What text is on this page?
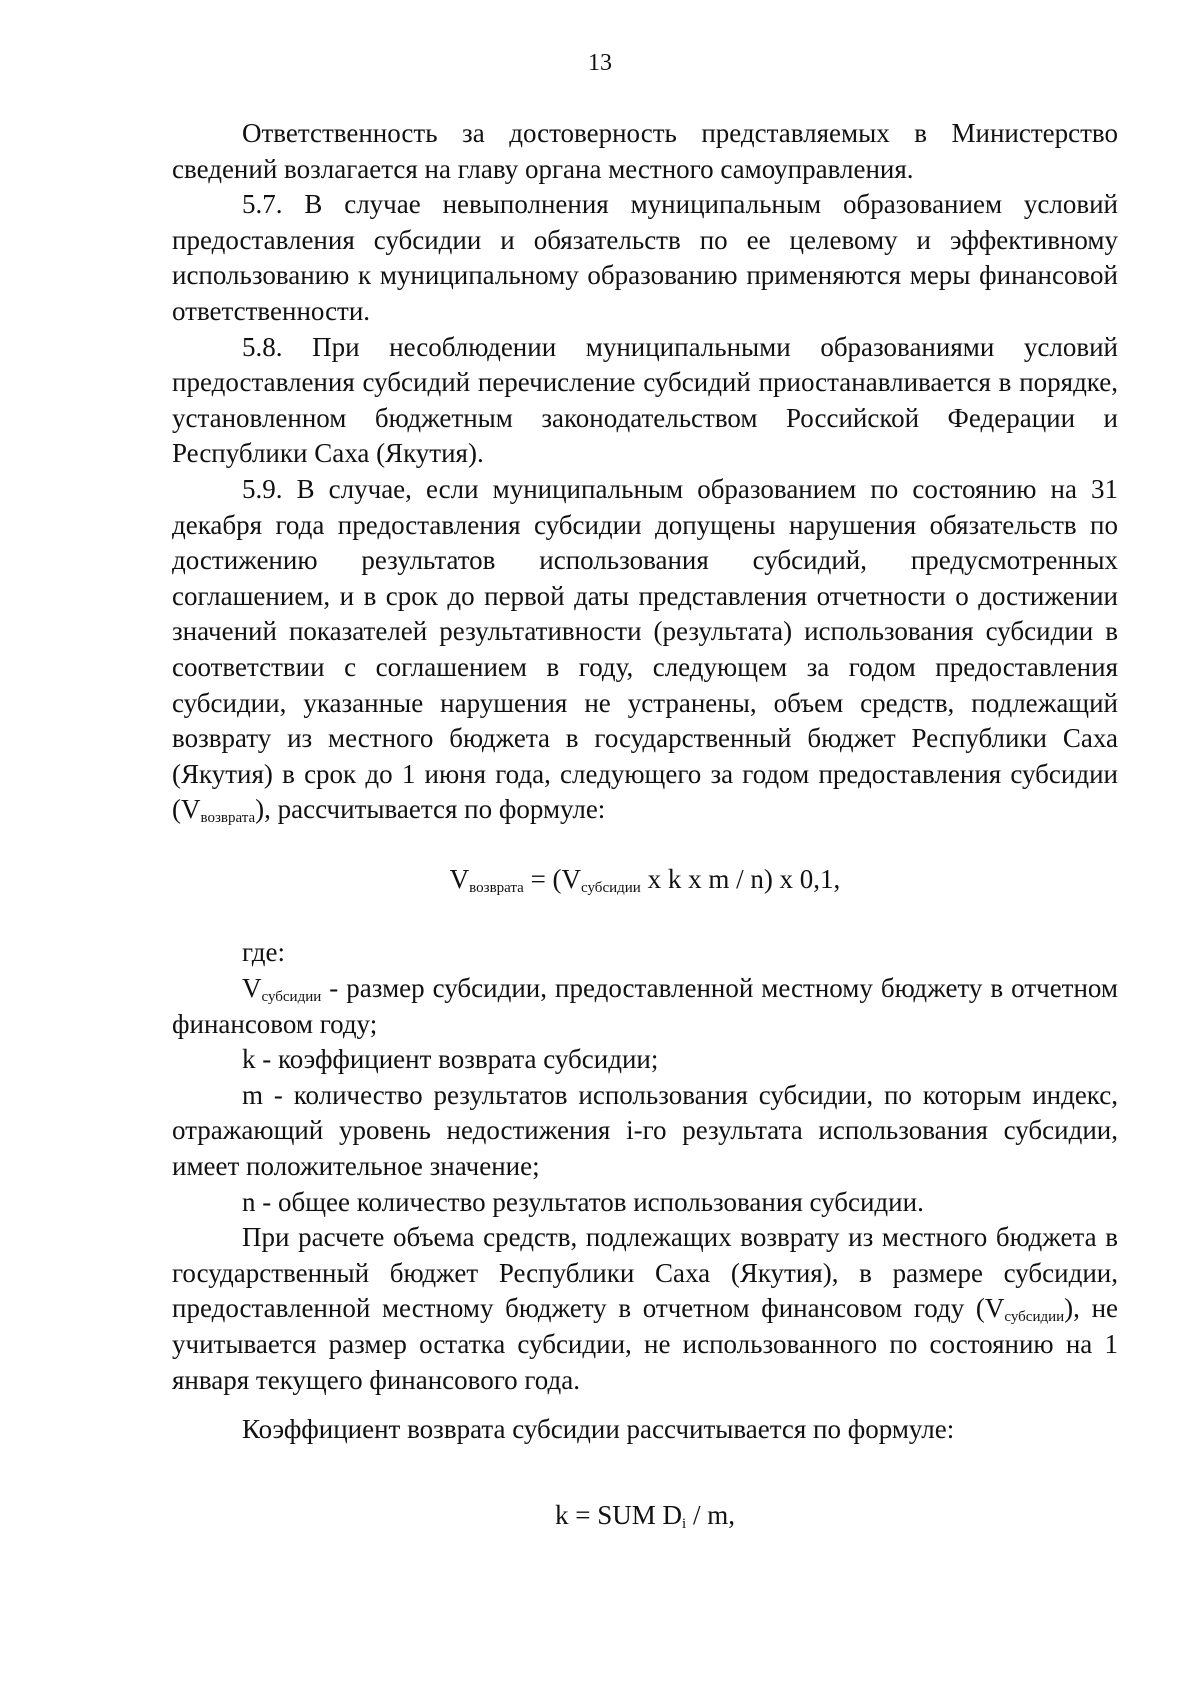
13

Ответственность за достоверность представляемых в Министерство сведений возлагается на главу органа местного самоуправления.

5.7. В случае невыполнения муниципальным образованием условий предоставления субсидии и обязательств по ее целевому и эффективному использованию к муниципальному образованию применяются меры финансовой ответственности.

5.8. При несоблюдении муниципальными образованиями условий предоставления субсидий перечисление субсидий приостанавливается в порядке, установленном бюджетным законодательством Российской Федерации и Республики Саха (Якутия).

5.9. В случае, если муниципальным образованием по состоянию на 31 декабря года предоставления субсидии допущены нарушения обязательств по достижению результатов использования субсидий, предусмотренных соглашением, и в срок до первой даты представления отчетности о достижении значений показателей результативности (результата) использования субсидии в соответствии с соглашением в году, следующем за годом предоставления субсидии, указанные нарушения не устранены, объем средств, подлежащий возврату из местного бюджета в государственный бюджет Республики Саха (Якутия) в срок до 1 июня года, следующего за годом предоставления субсидии $(V_{возврата})$, рассчитывается по формуле:

$V_{возврата} = (V_{субсидии}$ x k x m / n) x 0,1,

где:

$V_{субсидии}$ - размер субсидии, предоставленной местному бюджету в отчетном финансовом году;

k - коэффициент возврата субсидии;

m - количество результатов использования субсидии, по которым индекс, отражающий уровень недостижения i-го результата использования субсидии, имеет положительное значение;

n - общее количество результатов использования субсидии.

При расчете объема средств, подлежащих возврату из местного бюджета в государственный бюджет Республики Саха (Якутия), в размере субсидии, предоставленной местному бюджету в отчетном финансовом году $(V_{субсидии})$, не учитывается размер остатка субсидии, не использованного по состоянию на 1 января текущего финансового года.

Коэффициент возврата субсидии рассчитывается по формуле:

k = SUM $D_i$ / m,
